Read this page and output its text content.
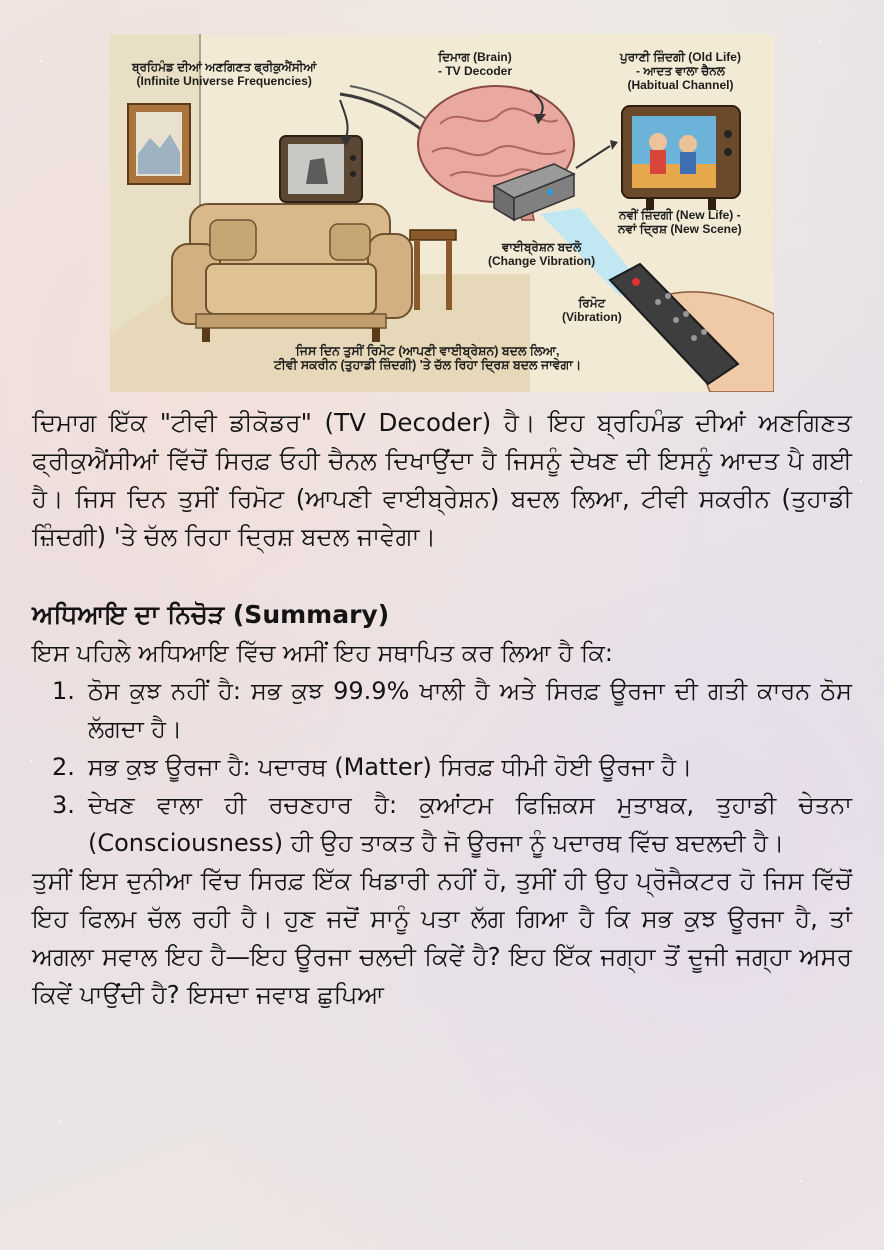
ਬ੍ਰਹਿਮੰਡ ਦੀਆਂ ਅਣਗਿਣਤ ਫ੍ਰੀਕੁਐਂਸੀਆਂ
(Infinite Universe Frequencies)
ਦਿਮਾਗ (Brain)
- TV Decoder
ਪੁਰਾਣੀ ਜ਼ਿੰਦਗੀ (Old Life)
- ਆਦਤ ਵਾਲਾ ਚੈਨਲ
(Habitual Channel)
ਨਵੀਂ ਜ਼ਿੰਦਗੀ (New Life) -
ਨਵਾਂ ਦ੍ਰਿਸ਼ (New Scene)
ਵਾਈਬ੍ਰੇਸ਼ਨ ਬਦਲੋ
(Change Vibration)
ਰਿਮੋਟ
(Vibration)
ਜਿਸ ਦਿਨ ਤੁਸੀਂ ਰਿਮੋਟ (ਆਪਣੀ ਵਾਈਬ੍ਰੇਸ਼ਨ) ਬਦਲ ਲਿਆ,
ਟੀਵੀ ਸਕਰੀਨ (ਤੁਹਾਡੀ ਜ਼ਿੰਦਗੀ) 'ਤੇ ਚੱਲ ਰਿਹਾ ਦ੍ਰਿਸ਼ ਬਦਲ ਜਾਵੇਗਾ।

ਦਿਮਾਗ ਇੱਕ "ਟੀਵੀ ਡੀਕੋਡਰ" (TV Decoder) ਹੈ। ਇਹ ਬ੍ਰਹਿਮੰਡ ਦੀਆਂ ਅਣਗਿਣਤ ਫ੍ਰੀਕੁਐਂਸੀਆਂ ਵਿੱਚੋਂ ਸਿਰਫ਼ ਓਹੀ ਚੈਨਲ ਦਿਖਾਉਂਦਾ ਹੈ ਜਿਸਨੂੰ ਦੇਖਣ ਦੀ ਇਸਨੂੰ ਆਦਤ ਪੈ ਗਈ ਹੈ। ਜਿਸ ਦਿਨ ਤੁਸੀਂ ਰਿਮੋਟ (ਆਪਣੀ ਵਾਈਬ੍ਰੇਸ਼ਨ) ਬਦਲ ਲਿਆ, ਟੀਵੀ ਸਕਰੀਨ (ਤੁਹਾਡੀ ਜ਼ਿੰਦਗੀ) 'ਤੇ ਚੱਲ ਰਿਹਾ ਦ੍ਰਿਸ਼ ਬਦਲ ਜਾਵੇਗਾ।

ਅਧਿਆਇ ਦਾ ਨਿਚੋੜ (Summary)

ਇਸ ਪਹਿਲੇ ਅਧਿਆਇ ਵਿੱਚ ਅਸੀਂ ਇਹ ਸਥਾਪਿਤ ਕਰ ਲਿਆ ਹੈ ਕਿ:

1. ਠੋਸ ਕੁਝ ਨਹੀਂ ਹੈ: ਸਭ ਕੁਝ 99.9% ਖਾਲੀ ਹੈ ਅਤੇ ਸਿਰਫ਼ ਊਰਜਾ ਦੀ ਗਤੀ ਕਾਰਨ ਠੋਸ ਲੱਗਦਾ ਹੈ।
2. ਸਭ ਕੁਝ ਊਰਜਾ ਹੈ: ਪਦਾਰਥ (Matter) ਸਿਰਫ਼ ਧੀਮੀ ਹੋਈ ਊਰਜਾ ਹੈ।
3. ਦੇਖਣ ਵਾਲਾ ਹੀ ਰਚਣਹਾਰ ਹੈ: ਕੁਆਂਟਮ ਫਿਜ਼ਿਕਸ ਮੁਤਾਬਕ, ਤੁਹਾਡੀ ਚੇਤਨਾ (Consciousness) ਹੀ ਉਹ ਤਾਕਤ ਹੈ ਜੋ ਊਰਜਾ ਨੂੰ ਪਦਾਰਥ ਵਿੱਚ ਬਦਲਦੀ ਹੈ।

ਤੁਸੀਂ ਇਸ ਦੁਨੀਆ ਵਿੱਚ ਸਿਰਫ਼ ਇੱਕ ਖਿਡਾਰੀ ਨਹੀਂ ਹੋ, ਤੁਸੀਂ ਹੀ ਉਹ ਪ੍ਰੋਜੈਕਟਰ ਹੋ ਜਿਸ ਵਿੱਚੋਂ ਇਹ ਫਿਲਮ ਚੱਲ ਰਹੀ ਹੈ। ਹੁਣ ਜਦੋਂ ਸਾਨੂੰ ਪਤਾ ਲੱਗ ਗਿਆ ਹੈ ਕਿ ਸਭ ਕੁਝ ਊਰਜਾ ਹੈ, ਤਾਂ ਅਗਲਾ ਸਵਾਲ ਇਹ ਹੈ—ਇਹ ਊਰਜਾ ਚਲਦੀ ਕਿਵੇਂ ਹੈ? ਇਹ ਇੱਕ ਜਗ੍ਹਾ ਤੋਂ ਦੂਜੀ ਜਗ੍ਹਾ ਅਸਰ ਕਿਵੇਂ ਪਾਉਂਦੀ ਹੈ? ਇਸਦਾ ਜਵਾਬ ਛੁਪਿਆ
